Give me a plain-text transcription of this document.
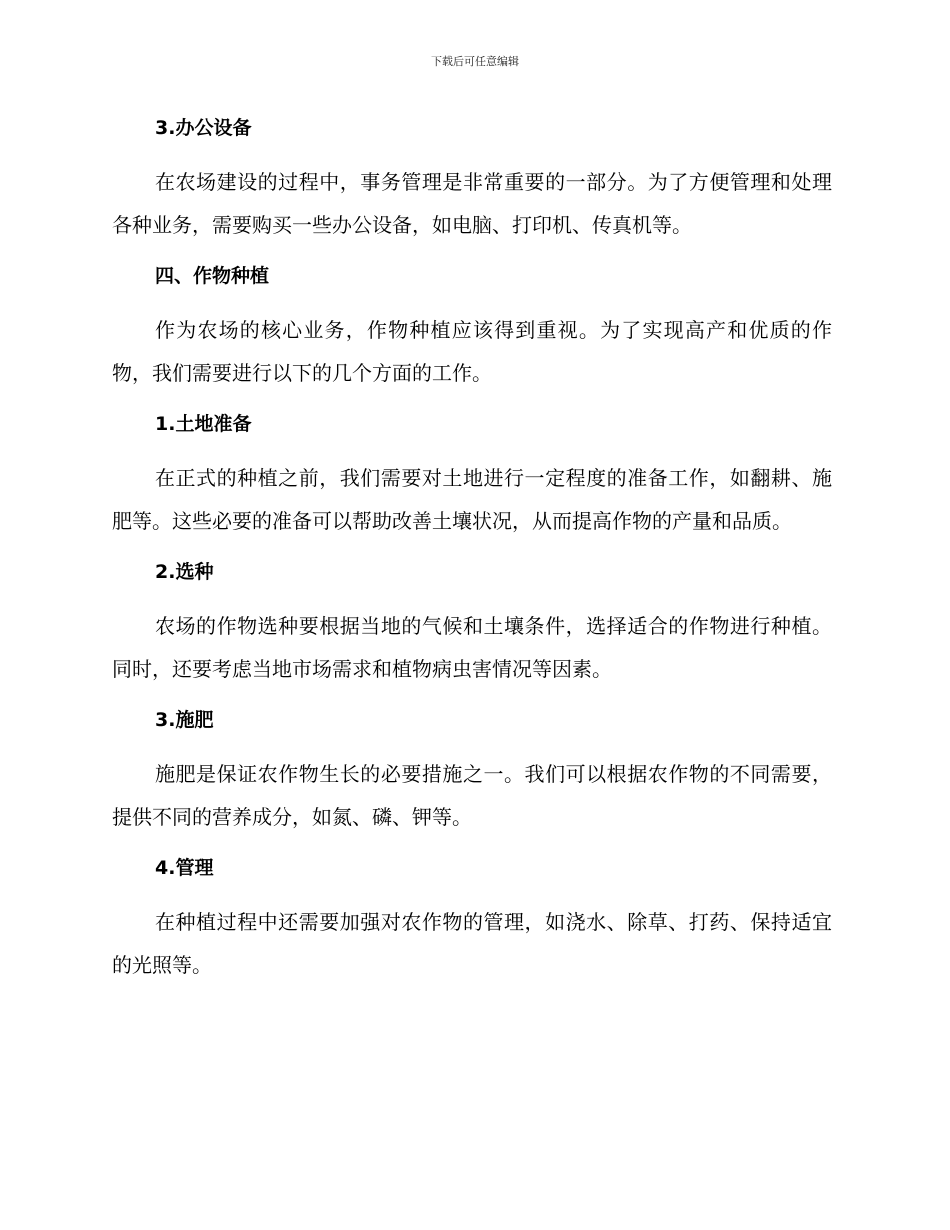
下载后可任意编辑
3.办公设备

在农场建设的过程中，事务管理是非常重要的一部分。为了方便管理和处理各种业务，需要购买一些办公设备，如电脑、打印机、传真机等。

四、作物种植

作为农场的核心业务，作物种植应该得到重视。为了实现高产和优质的作物，我们需要进行以下的几个方面的工作。

1.土地准备

在正式的种植之前，我们需要对土地进行一定程度的准备工作，如翻耕、施肥等。这些必要的准备可以帮助改善土壤状况，从而提高作物的产量和品质。

2.选种

农场的作物选种要根据当地的气候和土壤条件，选择适合的作物进行种植。同时，还要考虑当地市场需求和植物病虫害情况等因素。

3.施肥

施肥是保证农作物生长的必要措施之一。我们可以根据农作物的不同需要，提供不同的营养成分，如氮、磷、钾等。

4.管理

在种植过程中还需要加强对农作物的管理，如浇水、除草、打药、保持适宜的光照等。
